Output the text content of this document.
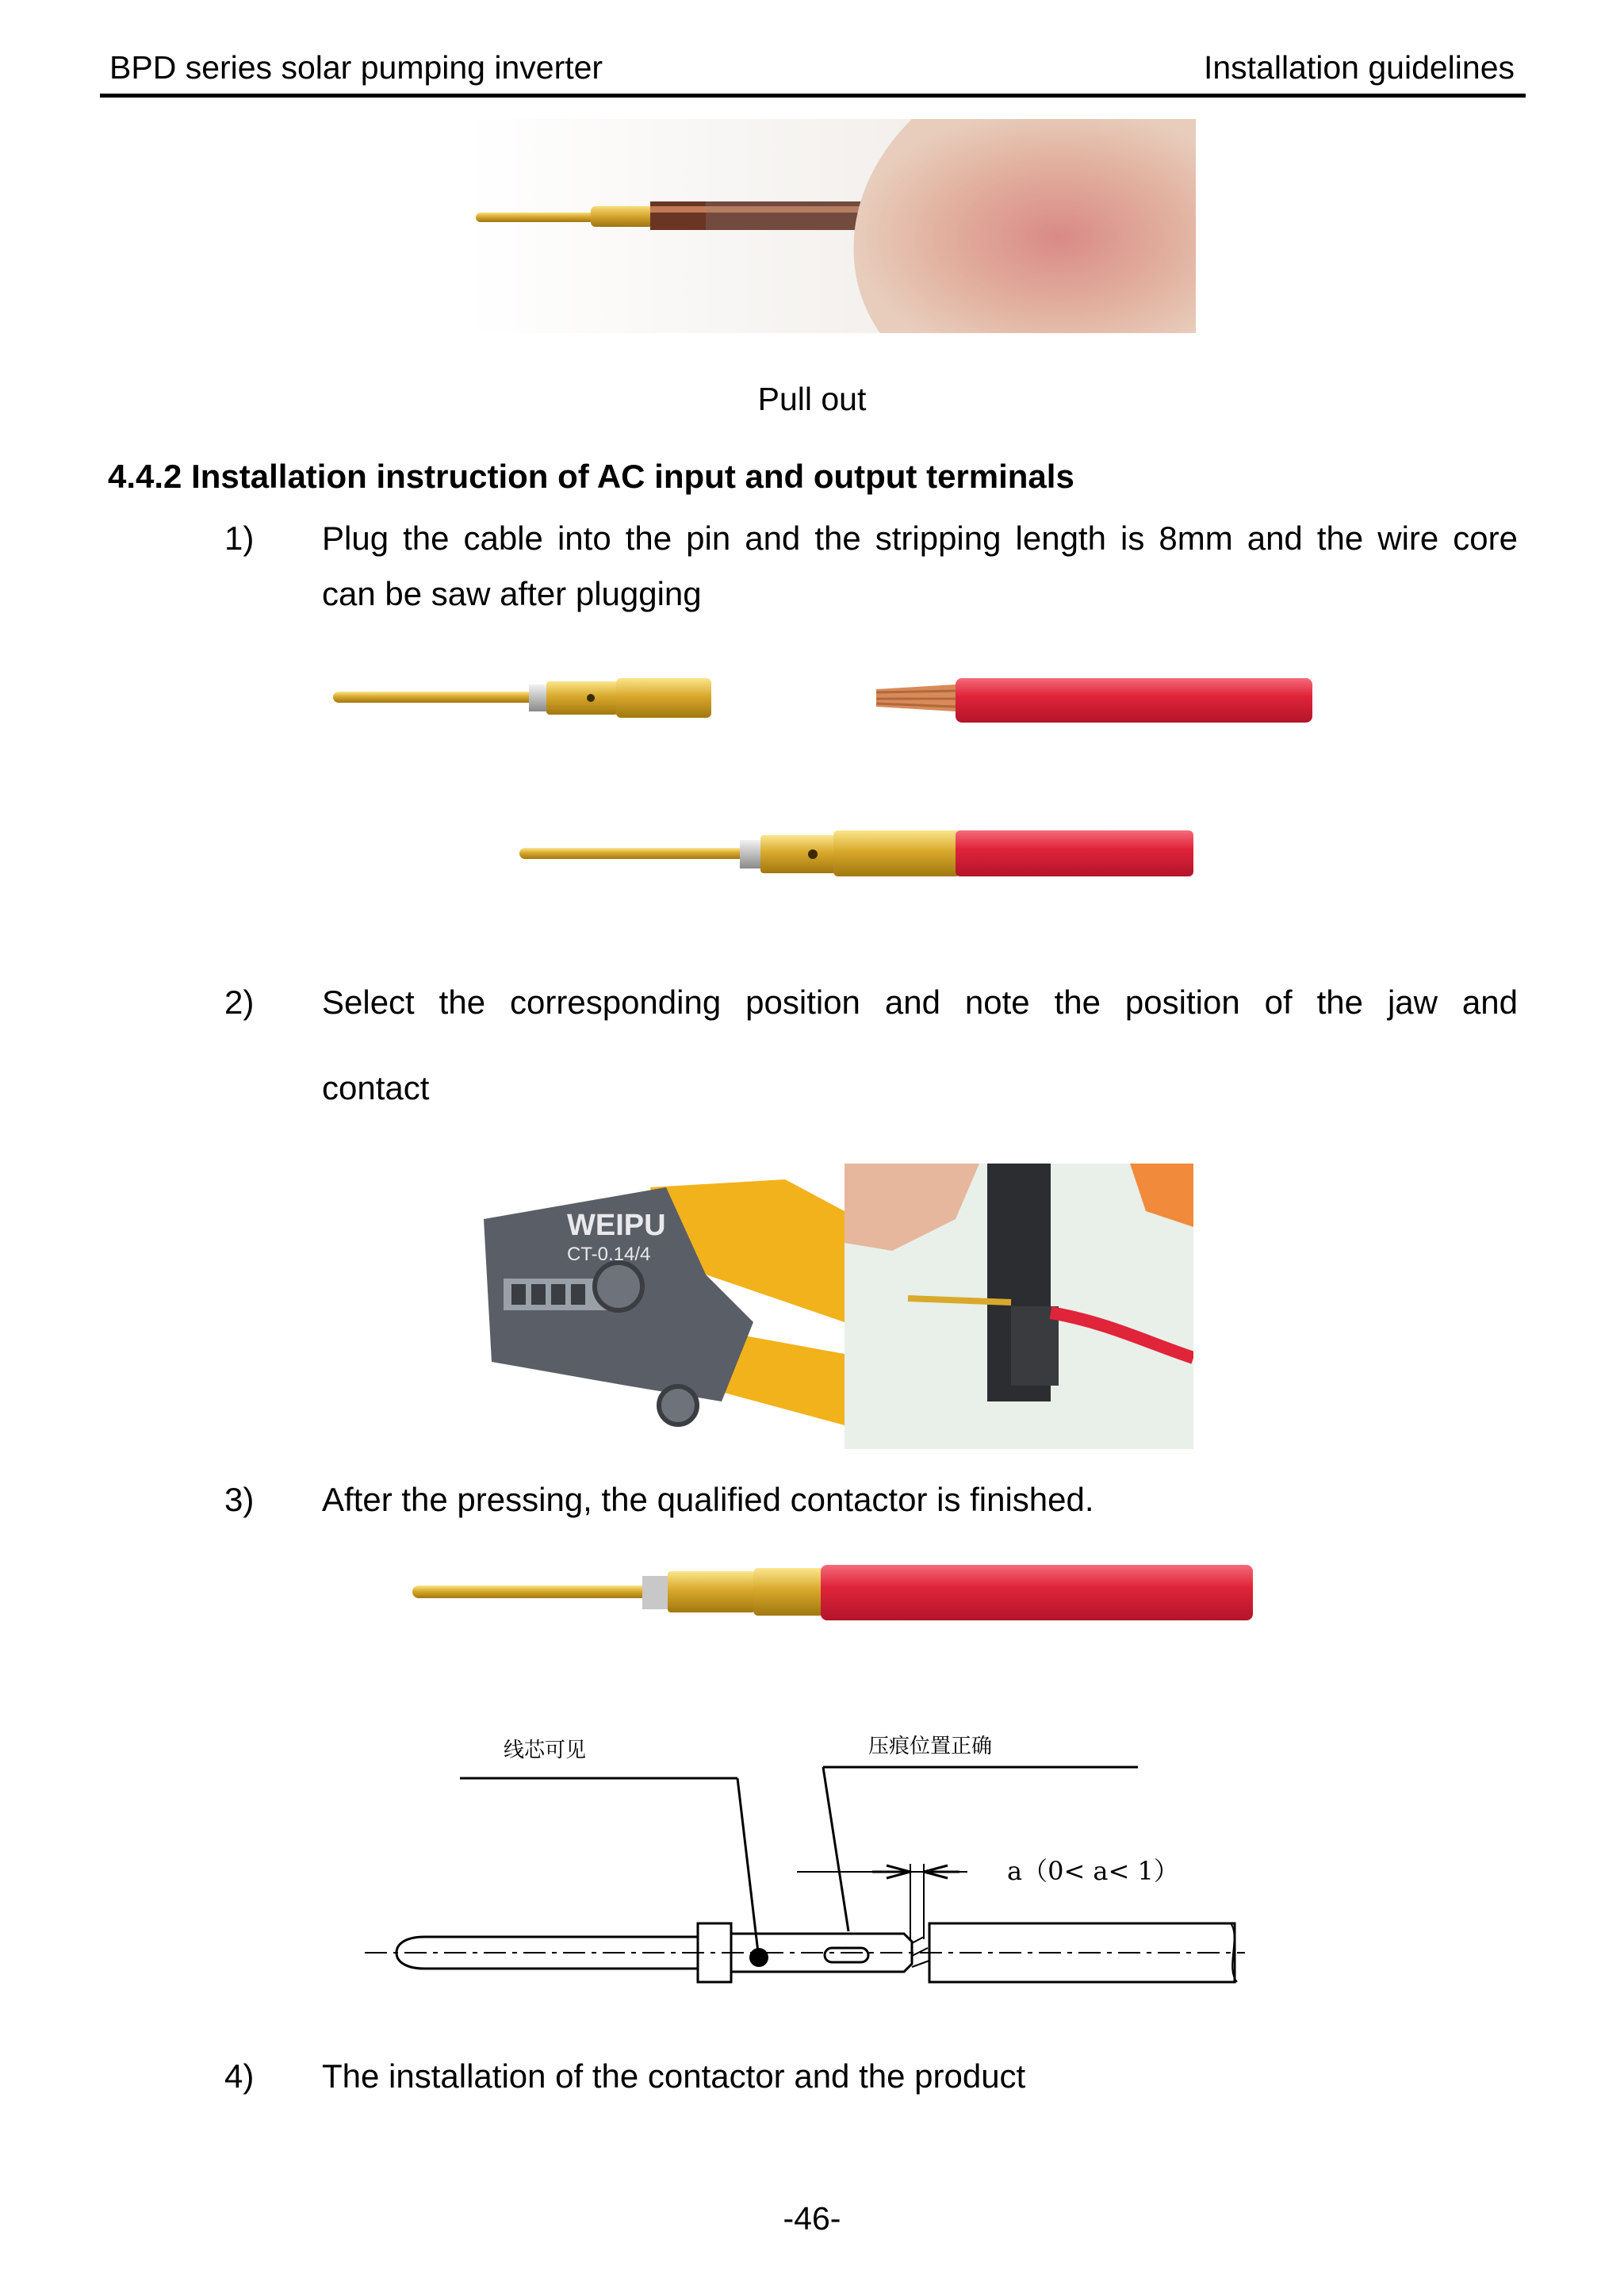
BPD series solar pumping inverter	Installation guidelines
Pull out
4.4.2 Installation instruction of AC input and output terminals
1) Plug the cable into the pin and the stripping length is 8mm and the wire core
can be saw after plugging
2) Select the corresponding position and note the position of the jaw and
contact
WEIPU
CT-0.14/4
3) After the pressing, the qualified contactor is finished.
线芯可见	压痕位置正确
a（0< a< 1）
4) The installation of the contactor and the product
-46-
